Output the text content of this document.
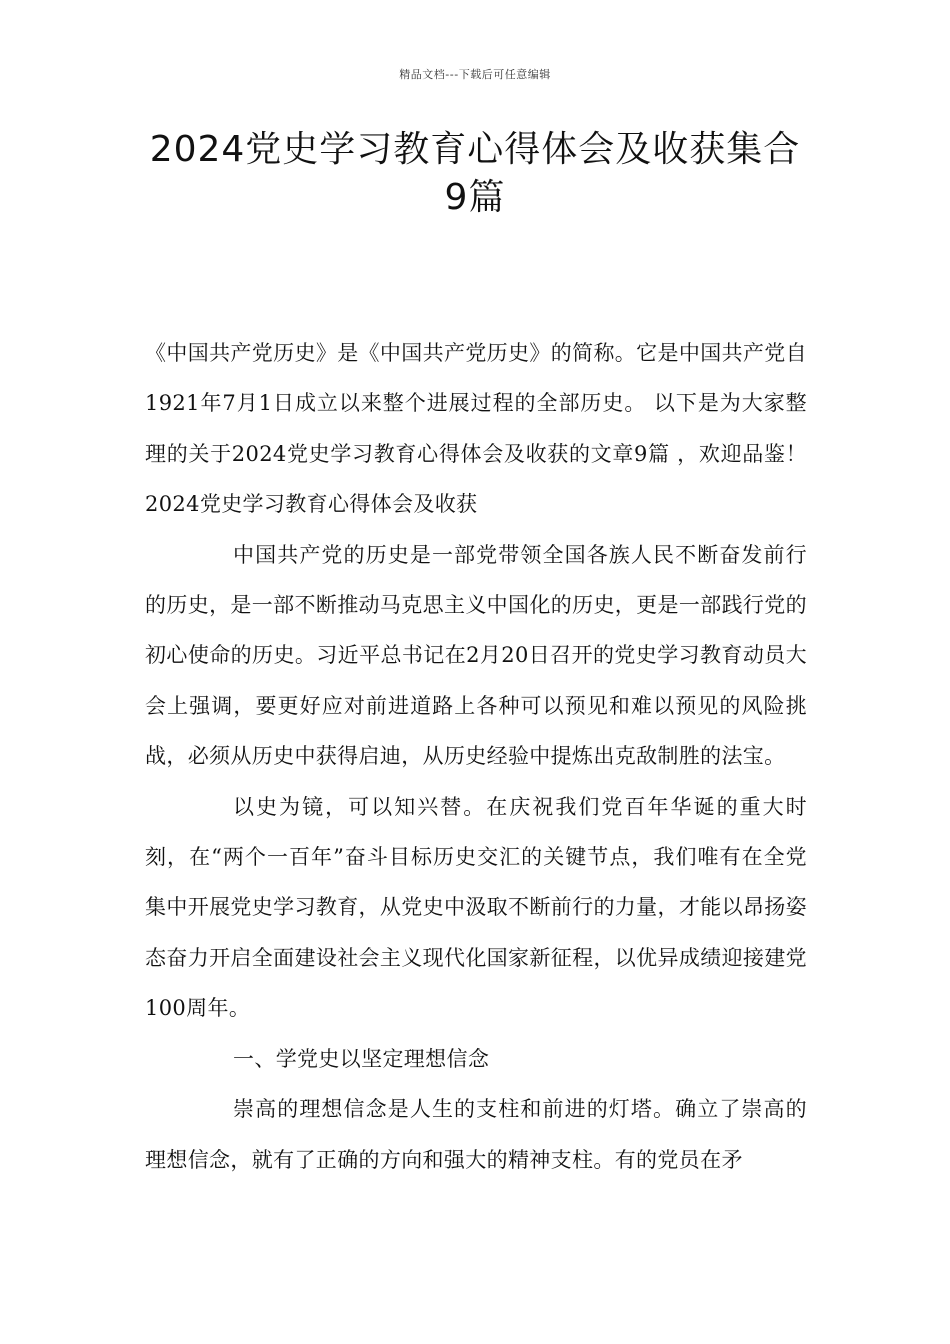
精品文档---下载后可任意编辑
2024党史学习教育心得体会及收获集合
9篇

《中国共产党历史》是《中国共产党历史》的简称。它是中国共产党自1921年7月1日成立以来整个进展过程的全部历史。 以下是为大家整理的关于2024党史学习教育心得体会及收获的文章9篇 ，欢迎品鉴！2024党史学习教育心得体会及收获

中国共产党的历史是一部党带领全国各族人民不断奋发前行的历史，是一部不断推动马克思主义中国化的历史，更是一部践行党的初心使命的历史。习近平总书记在2月20日召开的党史学习教育动员大会上强调，要更好应对前进道路上各种可以预见和难以预见的风险挑战，必须从历史中获得启迪，从历史经验中提炼出克敌制胜的法宝。

以史为镜，可以知兴替。在庆祝我们党百年华诞的重大时刻，在“两个一百年”奋斗目标历史交汇的关键节点，我们唯有在全党集中开展党史学习教育，从党史中汲取不断前行的力量，才能以昂扬姿态奋力开启全面建设社会主义现代化国家新征程，以优异成绩迎接建党100周年。

一、学党史以坚定理想信念

崇高的理想信念是人生的支柱和前进的灯塔。确立了崇高的理想信念，就有了正确的方向和强大的精神支柱。有的党员在矛
